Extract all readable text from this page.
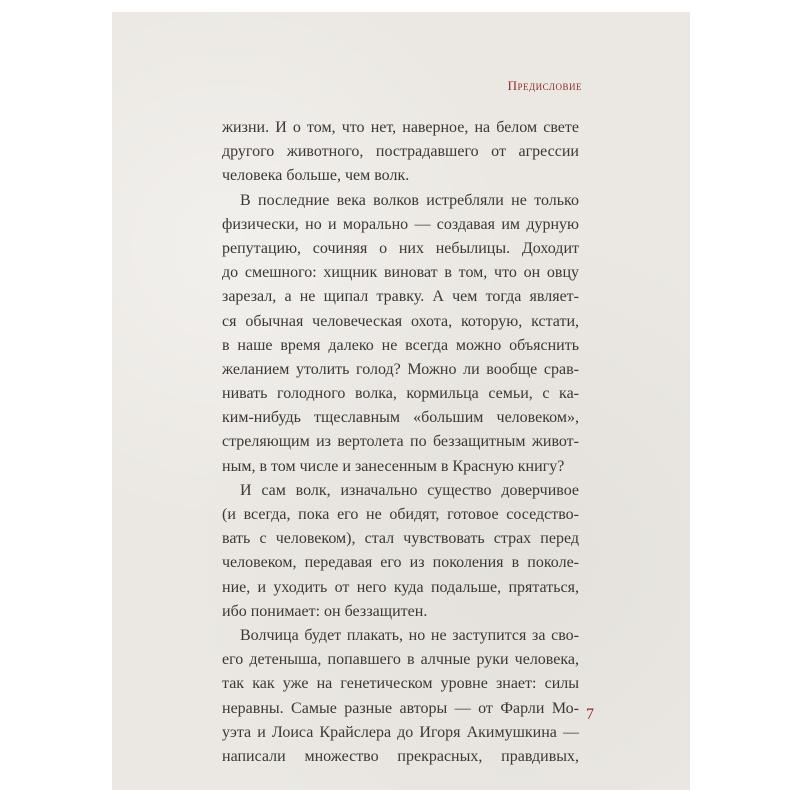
Предисловие
жизни. И о том, что нет, наверное, на белом свете
другого животного, пострадавшего от агрессии
человека больше, чем волк.
В последние века волков истребляли не только
физически, но и морально — создавая им дурную
репутацию, сочиняя о них небылицы. Доходит
до смешного: хищник виноват в том, что он овцу
зарезал, а не щипал травку. А чем тогда являет-
ся обычная человеческая охота, которую, кстати,
в наше время далеко не всегда можно объяснить
желанием утолить голод? Можно ли вообще срав-
нивать голодного волка, кормильца семьи, с ка-
ким-нибудь тщеславным «большим человеком»,
стреляющим из вертолета по беззащитным живот-
ным, в том числе и занесенным в Красную книгу?
И сам волк, изначально существо доверчивое
(и всегда, пока его не обидят, готовое соседство-
вать с человеком), стал чувствовать страх перед
человеком, передавая его из поколения в поколе-
ние, и уходить от него куда подальше, прятаться,
ибо понимает: он беззащитен.
Волчица будет плакать, но не заступится за сво-
его детеныша, попавшего в алчные руки человека,
так как уже на генетическом уровне знает: силы
неравны. Самые разные авторы — от Фарли Мо-
уэта и Лоиса Крайслера до Игоря Акимушкина —
написали множество прекрасных, правдивых,
7
